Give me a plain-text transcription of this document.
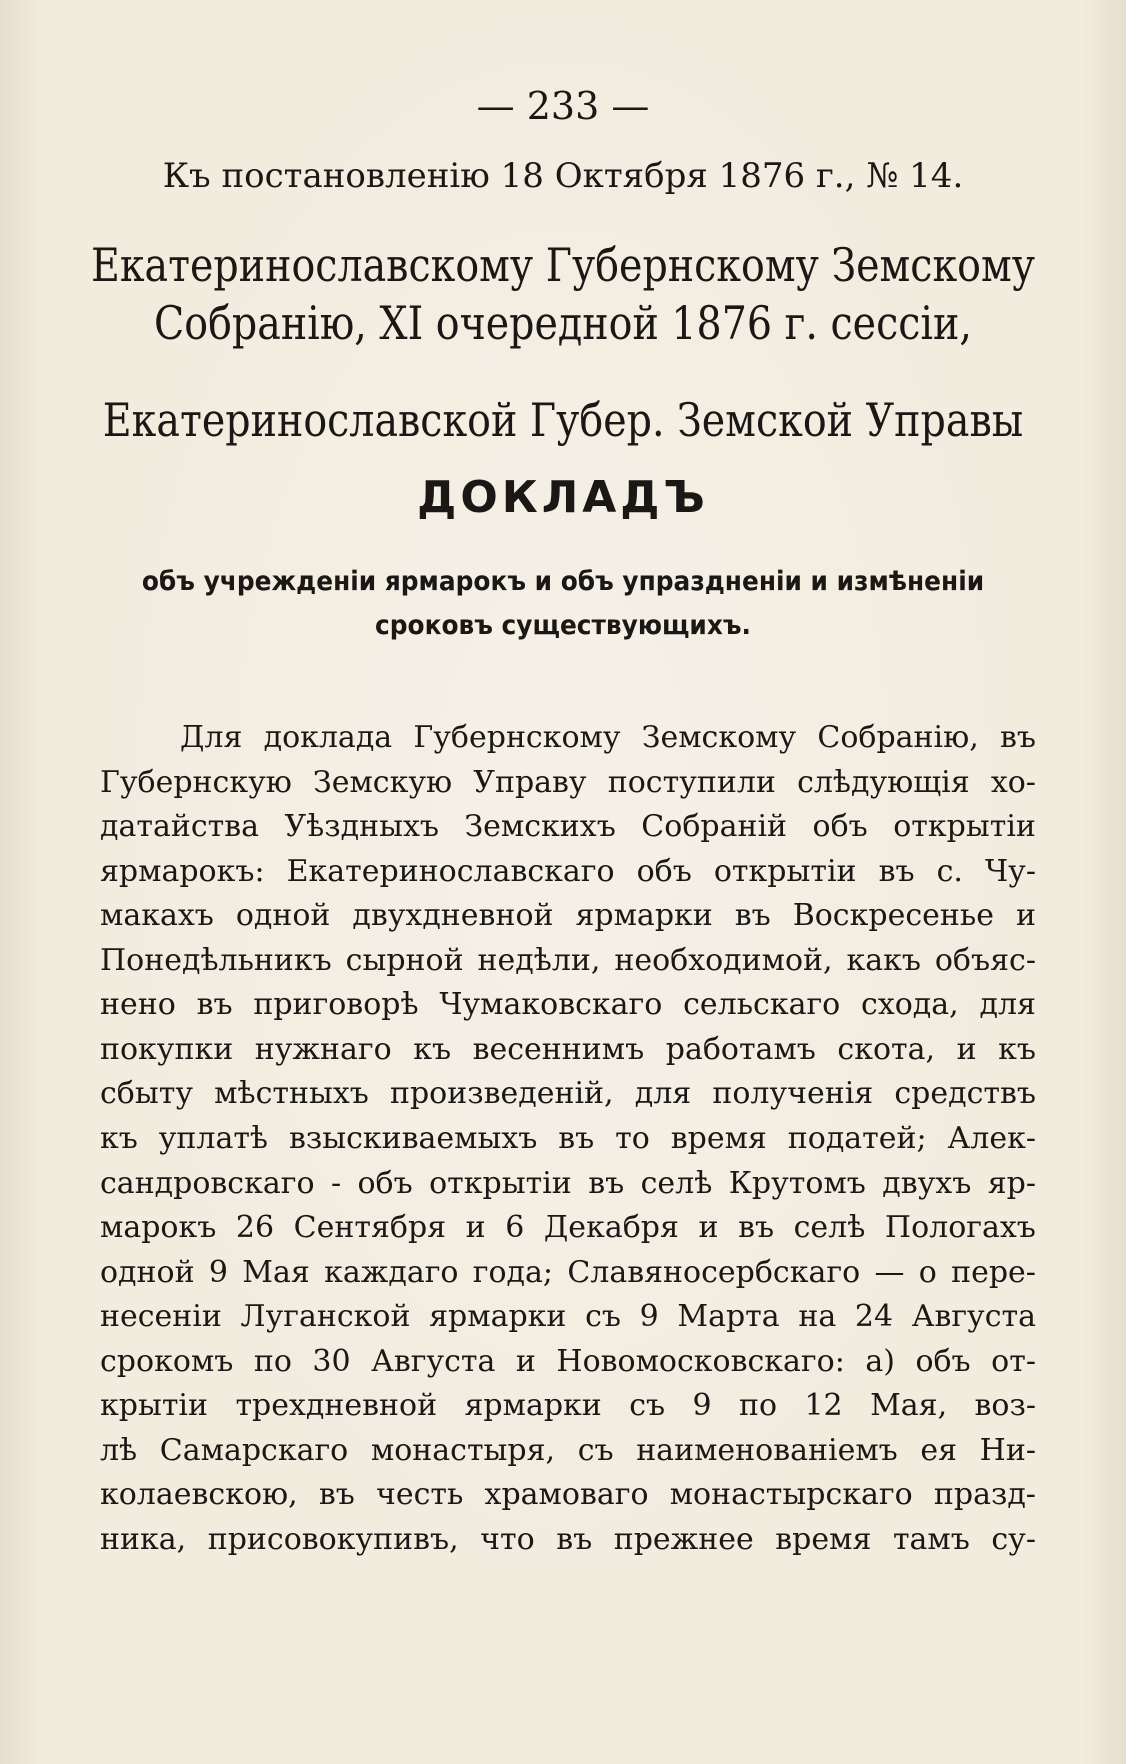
— 233 —
Къ постановленію 18 Октября 1876 г., № 14.
Екатеринославскому Губернскому Земскому
Собранію, XI очередной 1876 г. сессіи,
Екатеринославской Губер. Земской Управы
ДОКЛАДЪ
объ учрежденіи ярмарокъ и объ упраздненіи и измѣненіи
сроковъ существующихъ.
Для доклада Губернскому Земскому Собранію, въ
Губернскую Земскую Управу поступили слѣдующія хо-
датайства Уѣздныхъ Земскихъ Собраній объ открытіи
ярмарокъ: Екатеринославскаго объ открытіи въ с. Чу-
макахъ одной двухдневной ярмарки въ Воскресенье и
Понедѣльникъ сырной недѣли, необходимой, какъ объяс-
нено въ приговорѣ Чумаковскаго сельскаго схода, для
покупки нужнаго къ весеннимъ работамъ скота, и къ
сбыту мѣстныхъ произведеній, для полученія средствъ
къ уплатѣ взыскиваемыхъ въ то время податей; Алек-
сандровскаго - объ открытіи въ селѣ Крутомъ двухъ яр-
марокъ 26 Сентября и 6 Декабря и въ селѣ Пологахъ
одной 9 Мая каждаго года; Славяносербскаго — о пере-
несеніи Луганской ярмарки съ 9 Марта на 24 Августа
срокомъ по 30 Августа и Новомосковскаго: а) объ от-
крытіи трехдневной ярмарки съ 9 по 12 Мая, воз-
лѣ Самарскаго монастыря, съ наименованіемъ ея Ни-
колаевскою, въ честь храмоваго монастырскаго празд-
ника, присовокупивъ, что въ прежнее время тамъ су-
